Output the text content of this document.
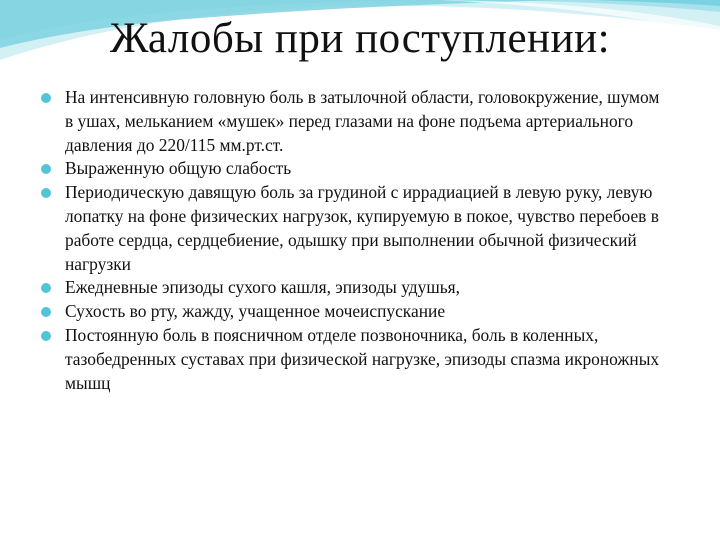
Жалобы при поступлении:
На интенсивную головную боль в затылочной области, головокружение, шумом в ушах, мельканием «мушек» перед глазами на фоне подъема артериального давления до 220/115 мм.рт.ст.
Выраженную общую слабость
Периодическую давящую боль за грудиной с иррадиацией в левую руку, левую лопатку на фоне физических нагрузок, купируемую в покое, чувство перебоев в работе сердца, сердцебиение, одышку при выполнении обычной физический нагрузки
Ежедневные эпизоды сухого кашля, эпизоды удушья,
Сухость во рту, жажду, учащенное мочеиспускание
Постоянную боль в поясничном отделе позвоночника, боль в коленных, тазобедренных суставах при физической нагрузке, эпизоды спазма икроножных мышц
